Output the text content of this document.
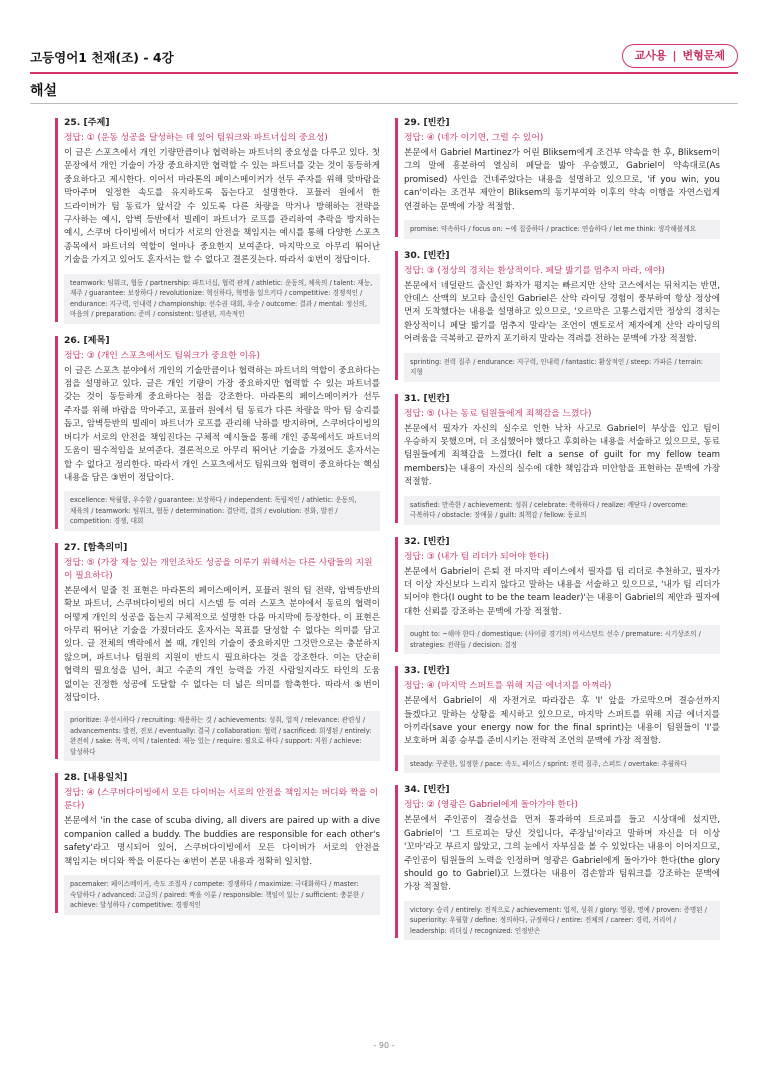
고등영어1 천재(조) - 4강	교사용 | 변형문제
해설
25. [주제]
정답: ① (운동 성공을 달성하는 데 있어 팀워크와 파트너십의 중요성)
이 글은 스포츠에서 개인 기량만큼이나 협력하는 파트너의 중요성을 다루고 있다. 첫 문장에서 개인 기술이 가장 중요하지만 협력할 수 있는 파트너를 갖는 것이 동등하게 중요하다고 제시한다. 이어서 마라톤의 페이스메이커가 선두 주자를 위해 맞바람을 막아주며 일정한 속도를 유지하도록 돕는다고 설명한다. 포뮬러 원에서 한 드라이버가 팀 동료가 앞서갈 수 있도록 다른 차량을 막거나 방해하는 전략을 구사하는 예시, 암벽 등반에서 빌레이 파트너가 로프를 관리하여 추락을 방지하는 예시, 스쿠버 다이빙에서 버디가 서로의 안전을 책임지는 예시를 통해 다양한 스포츠 종목에서 파트너의 역할이 얼마나 중요한지 보여준다. 마지막으로 아무리 뛰어난 기술을 가지고 있어도 혼자서는 할 수 없다고 결론짓는다. 따라서 ①번이 정답이다.
teamwork: 팀워크, 협동 / partnership: 파트너십, 협력 관계 / athletic: 운동의, 체육의 / talent: 재능, 재주 / guarantee: 보장하다 / revolutionize: 혁신하다, 혁명을 일으키다 / competitive: 경쟁적인 / endurance: 지구력, 인내력 / championship: 선수권 대회, 우승 / outcome: 결과 / mental: 정신의, 마음의 / preparation: 준비 / consistent: 일관된, 지속적인
26. [제목]
정답: ③ (개인 스포츠에서도 팀워크가 중요한 이유)
이 글은 스포츠 분야에서 개인의 기술만큼이나 협력하는 파트너의 역할이 중요하다는 점을 설명하고 있다. 글은 개인 기량이 가장 중요하지만 협력할 수 있는 파트너를 갖는 것이 동등하게 중요하다는 점을 강조한다. 마라톤의 페이스메이커가 선두 주자를 위해 바람을 막아주고, 포뮬러 원에서 팀 동료가 다른 차량을 막아 팀 승리를 돕고, 암벽등반의 빌레이 파트너가 로프를 관리해 낙하를 방지하며, 스쿠버다이빙의 버디가 서로의 안전을 책임진다는 구체적 예시들을 통해 개인 종목에서도 파트너의 도움이 필수적임을 보여준다. 결론적으로 아무리 뛰어난 기술을 가졌어도 혼자서는 할 수 없다고 정리한다. 따라서 개인 스포츠에서도 팀워크와 협력이 중요하다는 핵심 내용을 담은 ③번이 정답이다.
excellence: 탁월함, 우수함 / guarantee: 보장하다 / independent: 독립적인 / athletic: 운동의, 체육의 / teamwork: 팀워크, 협동 / determination: 결단력, 결의 / evolution: 진화, 발전 / competition: 경쟁, 대회
27. [함축의미]
정답: ⑤ (가장 재능 있는 개인조차도 성공을 이루기 위해서는 다른 사람들의 지원이 필요하다)
본문에서 밑줄 친 표현은 마라톤의 페이스메이커, 포뮬러 원의 팀 전략, 암벽등반의 확보 파트너, 스쿠버다이빙의 버디 시스템 등 여러 스포츠 분야에서 동료의 협력이 어떻게 개인의 성공을 돕는지 구체적으로 설명한 다음 마지막에 등장한다. 이 표현은 아무리 뛰어난 기술을 가졌더라도 혼자서는 목표를 달성할 수 없다는 의미를 담고 있다. 글 전체의 맥락에서 볼 때, 개인의 기술이 중요하지만 그것만으로는 충분하지 않으며, 파트너나 팀원의 지원이 반드시 필요하다는 것을 강조한다. 이는 단순히 협력의 필요성을 넘어, 최고 수준의 개인 능력을 가진 사람일지라도 타인의 도움 없이는 진정한 성공에 도달할 수 없다는 더 넓은 의미를 함축한다. 따라서 ⑤번이 정답이다.
prioritize: 우선시하다 / recruiting: 채용하는 것 / achievements: 성취, 업적 / relevance: 관련성 / advancements: 발전, 진보 / eventually: 결국 / collaboration: 협력 / sacrificed: 희생된 / entirely: 완전히 / sake: 목적, 이익 / talented: 재능 있는 / require: 필요로 하다 / support: 지원 / achieve: 달성하다
28. [내용일치]
정답: ④ (스쿠버다이빙에서 모든 다이버는 서로의 안전을 책임지는 버디와 짝을 이룬다)
본문에서 'in the case of scuba diving, all divers are paired up with a dive companion called a buddy. The buddies are responsible for each other's safety'라고 명시되어 있어, 스쿠버다이빙에서 모든 다이버가 서로의 안전을 책임지는 버디와 짝을 이룬다는 ④번이 본문 내용과 정확히 일치함.
pacemaker: 페이스메이커, 속도 조절자 / compete: 경쟁하다 / maximize: 극대화하다 / master: 숙달하다 / advanced: 고급의 / paired: 짝을 이룬 / responsible: 책임이 있는 / sufficient: 충분한 / achieve: 달성하다 / competitive: 경쟁적인
29. [빈칸]
정답: ④ (네가 이기면, 그럴 수 있어)
본문에서 Gabriel Martinez가 어린 Bliksem에게 조건부 약속을 한 후, Bliksem이 그의 말에 흥분하여 열심히 페달을 밟아 우승했고, Gabriel이 약속대로(As promised) 사인을 건네주었다는 내용을 설명하고 있으므로, 'if you win, you can'이라는 조건부 제안이 Bliksem의 동기부여와 이후의 약속 이행을 자연스럽게 연결하는 문맥에 가장 적절함.
promise: 약속하다 / focus on: ~에 집중하다 / practice: 연습하다 / let me think: 생각해볼게요
30. [빈칸]
정답: ③ (정상의 경치는 환상적이다. 페달 밟기를 멈추지 마라, 애야)
본문에서 네덜란드 출신인 화자가 평지는 빠르지만 산악 코스에서는 뒤처지는 반면, 안데스 산맥의 보고타 출신인 Gabriel은 산악 라이딩 경험이 풍부하여 항상 정상에 먼저 도착했다는 내용을 설명하고 있으므로, '오르막은 고통스럽지만 정상의 경치는 환상적이니 페달 밟기를 멈추지 말라'는 조언이 멘토로서 제자에게 산악 라이딩의 어려움을 극복하고 끝까지 포기하지 말라는 격려를 전하는 문맥에 가장 적절함.
sprinting: 전력 질주 / endurance: 지구력, 인내력 / fantastic: 환상적인 / steep: 가파른 / terrain: 지형
31. [빈칸]
정답: ⑤ (나는 동료 팀원들에게 죄책감을 느꼈다)
본문에서 필자가 자신의 실수로 인한 낙차 사고로 Gabriel이 부상을 입고 팀이 우승하지 못했으며, 더 조심했어야 했다고 후회하는 내용을 서술하고 있으므로, 동료 팀원들에게 죄책감을 느꼈다(I felt a sense of guilt for my fellow team members)는 내용이 자신의 실수에 대한 책임감과 미안함을 표현하는 문맥에 가장 적절함.
satisfied: 만족한 / achievement: 성취 / celebrate: 축하하다 / realize: 깨닫다 / overcome: 극복하다 / obstacle: 장애물 / guilt: 죄책감 / fellow: 동료의
32. [빈칸]
정답: ③ (내가 팀 리더가 되어야 한다)
본문에서 Gabriel이 은퇴 전 마지막 레이스에서 필자를 팀 리더로 추천하고, 필자가 더 이상 자신보다 느리지 않다고 말하는 내용을 서술하고 있으므로, '내가 팀 리더가 되어야 한다(I ought to be the team leader)'는 내용이 Gabriel의 제안과 필자에 대한 신뢰를 강조하는 문맥에 가장 적절함.
ought to: ~해야 한다 / domestique: (사이클 경기의) 어시스턴트 선수 / premature: 시기상조의 / strategies: 전략들 / decision: 결정
33. [빈칸]
정답: ④ (마지막 스퍼트를 위해 지금 에너지를 아껴라)
본문에서 Gabriel이 새 자전거로 따라잡은 후 'I' 앞을 가로막으며 결승선까지 들겠다고 말하는 상황을 제시하고 있으므로, 마지막 스퍼트를 위해 지금 에너지를 아끼라(save your energy now for the final sprint)는 내용이 팀원들이 'I'를 보호하며 최종 승부를 준비시키는 전략적 조언의 문맥에 가장 적절함.
steady: 꾸준한, 일정한 / pace: 속도, 페이스 / sprint: 전력 질주, 스퍼트 / overtake: 추월하다
34. [빈칸]
정답: ② (영광은 Gabriel에게 돌아가야 한다)
본문에서 주인공이 결승선을 먼저 통과하여 트로피를 들고 시상대에 섰지만, Gabriel이 '그 트로피는 당신 것입니다, 주장님'이라고 말하며 자신을 더 이상 '꼬마'라고 부르지 않았고, 그의 눈에서 자부심을 볼 수 있었다는 내용이 이어지므로, 주인공이 팀원들의 노력을 인정하며 영광은 Gabriel에게 돌아가야 한다(the glory should go to Gabriel)고 느꼈다는 내용이 겸손함과 팀워크를 강조하는 문맥에 가장 적절함.
victory: 승리 / entirely: 전적으로 / achievement: 업적, 성취 / glory: 영광, 명예 / proven: 증명된 / superiority: 우월함 / define: 정의하다, 규정하다 / entire: 전체의 / career: 경력, 커리어 / leadership: 리더십 / recognized: 인정받은
- 90 -
